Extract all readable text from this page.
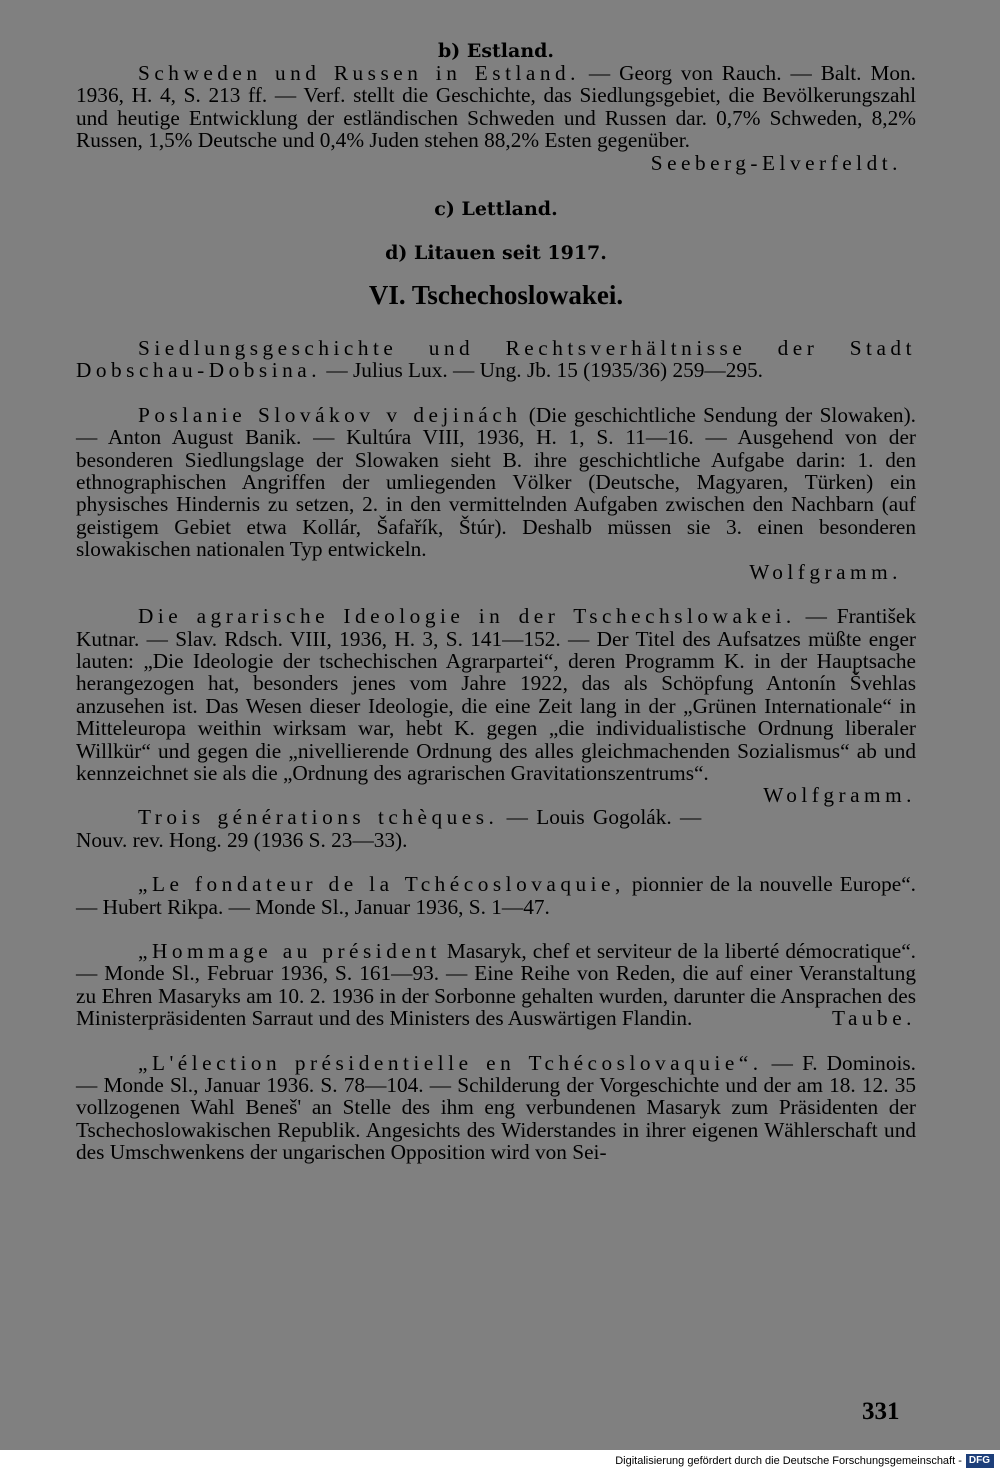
b) Estland.

Schweden und Russen in Estland. — Georg von Rauch. — Balt. Mon. 1936, H. 4, S. 213 ff. — Verf. stellt die Geschichte, das Siedlungsgebiet, die Bevölkerungszahl und heutige Entwicklung der estländischen Schweden und Russen dar. 0,7% Schweden, 8,2% Russen, 1,5% Deutsche und 0,4% Juden stehen 88,2% Esten gegenüber.

Seeberg-Elverfeldt.
c) Lettland.
d) Litauen seit 1917.
VI. Tschechoslowakei.

Siedlungsgeschichte und Rechtsverhältnisse der Stadt Dobschau-Dobsina. — Julius Lux. — Ung. Jb. 15 (1935/36) 259—295.

Poslanie Slovákov v dejinách (Die geschichtliche Sendung der Slowaken). — Anton August Banik. — Kultúra VIII, 1936, H. 1, S. 11—16. — Ausgehend von der besonderen Siedlungslage der Slowaken sieht B. ihre geschichtliche Aufgabe darin: 1. den ethnographischen Angriffen der umliegenden Völker (Deutsche, Magyaren, Türken) ein physisches Hindernis zu setzen, 2. in den vermittelnden Aufgaben zwischen den Nachbarn (auf geistigem Gebiet etwa Kollár, Šafařík, Štúr). Deshalb müssen sie 3. einen besonderen slowakischen nationalen Typ entwickeln.

Wolfgramm.

Die agrarische Ideologie in der Tschechslowakei. — František Kutnar. — Slav. Rdsch. VIII, 1936, H. 3, S. 141—152. — Der Titel des Aufsatzes müßte enger lauten: „Die Ideologie der tschechischen Agrarpartei“, deren Programm K. in der Hauptsache herangezogen hat, besonders jenes vom Jahre 1922, das als Schöpfung Antonín Švehlas anzusehen ist. Das Wesen dieser Ideologie, die eine Zeit lang in der „Grünen Internationale“ in Mitteleuropa weithin wirksam war, hebt K. gegen „die individualistische Ordnung liberaler Willkür“ und gegen die „nivellierende Ordnung des alles gleichmachenden Sozialismus“ ab und kennzeichnet sie als die „Ordnung des agrarischen Gravitationszentrums“.
Wolfgramm.

Trois générations tchèques. — Louis Gogolák. — Nouv. rev. Hong. 29 (1936 S. 23—33).

„Le fondateur de la Tchécoslovaquie, pionnier de la nouvelle Europe“. — Hubert Rikpa. — Monde Sl., Januar 1936, S. 1—47.

„Hommage au président Masaryk, chef et serviteur de la liberté démocratique“. — Monde Sl., Februar 1936, S. 161—93. — Eine Reihe von Reden, die auf einer Veranstaltung zu Ehren Masaryks am 10. 2. 1936 in der Sorbonne gehalten wurden, darunter die Ansprachen des Ministerpräsidenten Sarraut und des Ministers des Auswärtigen Flandin.	Taube.

„L'élection présidentielle en Tchécoslovaquie“. — F. Dominois. — Monde Sl., Januar 1936. S. 78—104. — Schilderung der Vorgeschichte und der am 18. 12. 35 vollzogenen Wahl Beneš' an Stelle des ihm eng verbundenen Masaryk zum Präsidenten der Tschechoslowakischen Republik. Angesichts des Widerstandes in ihrer eigenen Wählerschaft und des Umschwenkens der ungarischen Opposition wird von Sei-

331
Digitalisierung gefördert durch die Deutsche Forschungsgemeinschaft - DFG
